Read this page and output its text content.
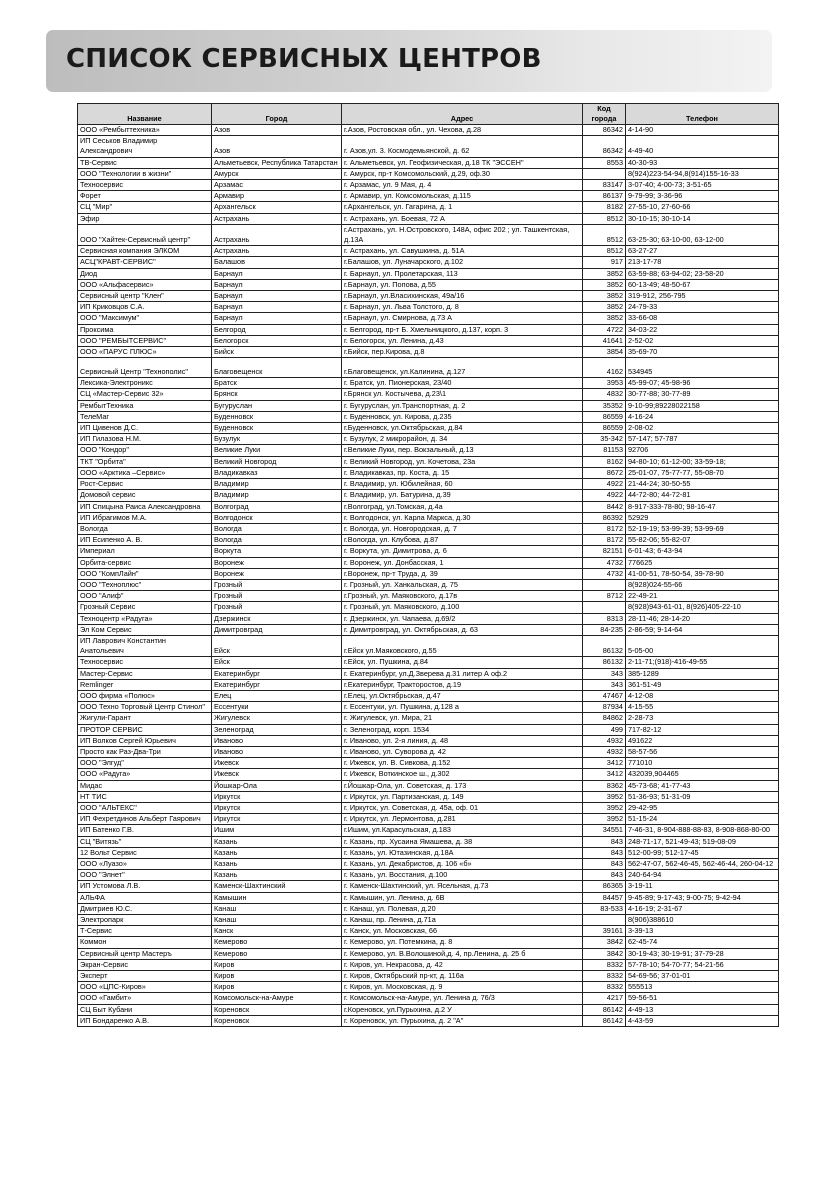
СПИСОК СЕРВИСНЫХ ЦЕНТРОВ
Название	Город	Адрес	Код города	Телефон
ООО «Рембыттехника»	Азов	г.Азов, Ростовская обл., ул. Чехова, д.28	86342	4-14-90
ИП Сеськов Владимир Александрович	Азов	г. Азов,ул. 3. Космодемьянской, д. 62	86342	4-49-40
ТВ-Сервис	Альметьевск, Республика Татарстан	г. Альметьевск, ул. Геофизическая, д.18 ТК "ЭССЕН"	8553	40-30-93
ООО "Технологии в жизни"	Амурск	г. Амурск, пр-т Комсомольский, д.29, оф.30		8(924)223-54-94,8(914)155-16-33
Техносервис	Арзамас	г. Арзамас, ул. 9 Мая, д. 4	83147	3-07-40; 4-00-73; 3-51-65
Форет	Армавир	г. Армавир, ул. Комсомольская, д.115	86137	9-79-99; 3-36-96
СЦ "Мир"	Архангельск	г.Архангельск, ул. Гагарина, д. 1	8182	27-55-10, 27-60-66
Эфир	Астрахань	г. Астрахань, ул. Боевая, 72 А	8512	30-10-15; 30-10-14
ООО "Хайтек-Сервисный центр"	Астрахань	г.Астрахань, ул. Н.Островского, 148А, офис 202 ; ул. Ташкентская, д.13А	8512	63-25-30; 63-10-00, 63-12-00
Сервисная компания ЭЛКОМ	Астрахань	г. Астрахань, ул. Савушкина, д. 51А	8512	63-27-27
АСЦ"КРАВТ-СЕРВИС"	Балашов	г.Балашов, ул. Луначарского, д.102	917	213-17-78
Диод	Барнаул	г. Барнаул, ул. Пролетарская, 113	3852	63-59-88; 63-94-02; 23-58-20
ООО «Альфасервис»	Барнаул	г.Барнаул, ул. Попова, д.55	3852	60-13-49; 48-50-67
Сервисный центр "Клен"	Барнаул	г.Барнаул, ул.Власихинская, 49а/16	3852	319-912, 256-795
ИП Криковцов С.А.	Барнаул	г. Барнаул, ул. Льва Толстого, д. 8	3852	24-79-33
ООО "Максимум"	Барнаул	г.Барнаул, ул. Смирнова, д.73 А	3852	33-66-08
Проксима	Белгород	г. Белгород, пр-т Б. Хмельницкого, д.137, корп. 3	4722	34-03-22
ООО "РЕМБЫТСЕРВИС"	Белогорск	г. Белогорск, ул. Ленина, д.43	41641	2-52-02
ООО «ПАРУС ПЛЮС»	Бийск	г.Бийск, пер.Кирова, д.8	3854	35-69-70
Сервисный Центр "Технополис"	Благовещенск	г.Благовещенск, ул.Калинина, д.127	4162	534945
Лексика-Электроникс	Братск	г. Братск, ул. Пионерская, 23/40	3953	45-99-07; 45-98-96
СЦ «Мастер-Сервис 32»	Брянск	г.Брянск ул. Костычева, д.23\1	4832	30-77-88; 30-77-89
РембытТехника	Бугуруслан	г. Бугуруслан, ул.Транспортная, д. 2	35352	9-10-99;89228022158
ТелеМаг	Буденновск	г. Буденновск, ул. Кирова, д.235	86559	4-16-24
ИП Цивенов Д.С.	Буденновск	г.Буденновск, ул.Октябрьская, д.84	86559	2-08-02
ИП Гилазова Н.М.	Бузулук	г. Бузулук, 2 микрорайон, д. 34	35-342	57-147; 57-787
ООО "Кондор"	Великие Луки	г.Великие Луки, пер. Вокзальный, д.13	81153	92706
ТКТ "Орбита"	Великий Новгород	г. Великий Новгород, ул. Кочетова, 23а	8162	94-80-10; 61-12-00; 33-59-18;
ООО «Арктика –Сервис»	Владикавказ	г. Владикавказ, пр. Коста, д. 15	8672	25-01-07, 75-77-77, 55-08-70
Рост-Сервис	Владимир	г. Владимир, ул. Юбилейная, 60	4922	21-44-24; 30-50-55
Домовой сервис	Владимир	г. Владимир, ул. Батурина, д.39	4922	44-72-80; 44-72-81
ИП Спицына Раиса Александровна	Волгоград	г.Волгоград, ул.Томская, д.4а	8442	8-917-333-78-80; 98-16-47
ИП Ибрагимов М.А.	Волгодонск	г. Волгодонск, ул. Карла Маркса, д.30	86392	52929
Вологда	Вологда	г. Вологда, ул. Новгородская, д. 7	8172	52-19-19; 53-99-39; 53-99-69
ИП Есипенко А. В.	Вологда	г.Вологда, ул. Клубова, д.87	8172	55-82-06; 55-82-07
Империал	Воркута	г. Воркута, ул. Димитрова, д. 6	82151	6-01-43; 6-43-94
Орбита-сервис	Воронеж	г. Воронеж, ул. Донбасская, 1	4732	776625
ООО "КомпЛайн"	Воронеж	г.Воронеж, пр-т Труда, д. 39	4732	41-00-51, 78-50-54, 39-78-90
ООО "Техноплюс"	Грозный	г. Грозный, ул. Ханкальская, д. 75		8(928)024-55-66
ООО "Алиф"	Грозный	г.Грозный, ул. Маяковского, д.17в	8712	22-49-21
Грозный Сервис	Грозный	г. Грозный, ул. Маяковского, д.100		8(928)943-61-01, 8(926)405-22-10
Техноцентр «Радуга»	Дзержинск	г. Дзержинск, ул. Чапаева, д.69/2	8313	28-11-46; 28-14-20
Эл Ком Сервис	Димитровград	г. Димитровград, ул. Октябрьская, д. 63	84-235	2-86-59; 9-14-64
ИП Лаврович Константин Анатольевич	Ейск	г.Ейск ул.Маяковского, д.55	86132	5-05-00
Техносервис	Ейск	г.Ейск, ул. Пушкина, д.84	86132	2-11-71;(918)-416-49-55
Мастер-Сервис	Екатеринбург	г. Екатеринбург, ул.Д.Зверева д.31 литер А оф.2	343	385-1289
Remlinger	Екатеринбург	г.Екатеринбург, Тракторостов, д.19	343	361-51-49
ООО фирма «Полюс»	Елец	г.Елец, ул.Октябрьская, д.47	47467	4-12-08
ООО Техно Торговый Центр Стинол"	Ессентуки	г. Ессентуки, ул. Пушкина, д.128 а	87934	4-15-55
Жигули-Гарант	Жигулевск	г. Жигулевск, ул. Мира, 21	84862	2-28-73
ПРОТОР СЕРВИС	Зеленоград	г. Зеленоград, корп. 1534	499	717-82-12
ИП Волков Сергей Юрьевич	Иваново	г. Иваново, ул. 2-я линия, д. 48	4932	491622
Просто как Раз-Два-Три	Иваново	г. Иваново, ул. Суворова д. 42	4932	58-57-56
ООО "Элгуд"	Ижевск	г. Ижевск, ул. В. Сивкова, д.152	3412	771010
ООО «Радуга»	Ижевск	г. Ижевск, Воткинское ш., д.302	3412	432039,904465
Мидас	Йошкар-Ола	г.Йошкар-Ола, ул. Советская, д. 173	8362	45-73-68; 41-77-43
НТ ТИС	Иркутск	г. Иркутск, ул. Партизанская, д. 149	3952	51-36-93; 51-31-09
ООО "АЛЬТЕКС"	Иркутск	г. Иркутск, ул. Советская, д. 45а, оф. 01	3952	29-42-95
ИП Фехретдинов Альберт Гаярович	Иркутск	г. Иркутск, ул. Лермонтова, д.281	3952	51-15-24
ИП Батенко Г.В.	Ишим	г.Ишим, ул.Карасульская, д.183	34551	7-46-31, 8-904-888-88-83, 8-908-868-80-00
СЦ "Витязь"	Казань	г. Казань, пр. Хусаина Ямашева, д. 38	843	248-71-17, 521-49-43; 519-08-09
12 Вольт Сервис	Казань	г. Казань, ул. Ютазинская, д.18А	843	512-00-99; 512-17-45
ООО «Луазо»	Казань	г. Казань, ул. Декабристов, д. 106 «б»	843	562-47-07, 562-46-45, 562-46-44, 260-04-12
ООО "Элнет"	Казань	г. Казань, ул. Восстания, д.100	843	240-64-94
ИП Устомова Л.В.	Каменск-Шахтинский	г. Каменск-Шахтинский, ул. Ясельная, д.73	86365	3-19-11
АЛЬФА	Камышин	г. Камышин, ул. Ленина, д. 6В	84457	9-45-89; 9-17-43; 9-00-75; 9-42-94
Дмитриев Ю.С.	Канаш	г. Канаш, ул. Полевая, д.20	83-533	4-16-19; 2-31-67
Электропарк	Канаш	г. Канаш, пр. Ленина, д.71а		8(906)388610
Т-Сервис	Канск	г. Канск, ул. Московская, 66	39161	3-39-13
Коммон	Кемерово	г. Кемерово, ул. Потемкина, д. 8	3842	62-45-74
Сервисный центр Мастеръ	Кемерово	г. Кемерово, ул. В.Волошиной,д. 4, пр.Ленина, д. 25 б	3842	30-19-43; 30-19-91; 37-79-28
Экран-Сервис	Киров	г. Киров, ул. Некрасова, д. 42	8332	57-78-10; 54-70-77; 54-21-56
Эксперт	Киров	г. Киров, Октябрьский пр-кт, д. 116а	8332	54-69-56; 37-01-01
ООО «ЦПС-Киров»	Киров	г. Киров, ул. Московская, д. 9	8332	555513
ООО «Гамбит»	Комсомольск-на-Амуре	г. Комсомольск-на-Амуре, ул. Ленина д. 76/3	4217	59-56-51
СЦ Быт Кубани	Кореновск	г.Кореновск, ул.Пурыхина, д.2 У	86142	4-49-13
ИП Бондаренко А.В.	Кореновск	г. Кореновск, ул. Пурыхина, д. 2 "А"	86142	4-43-59
